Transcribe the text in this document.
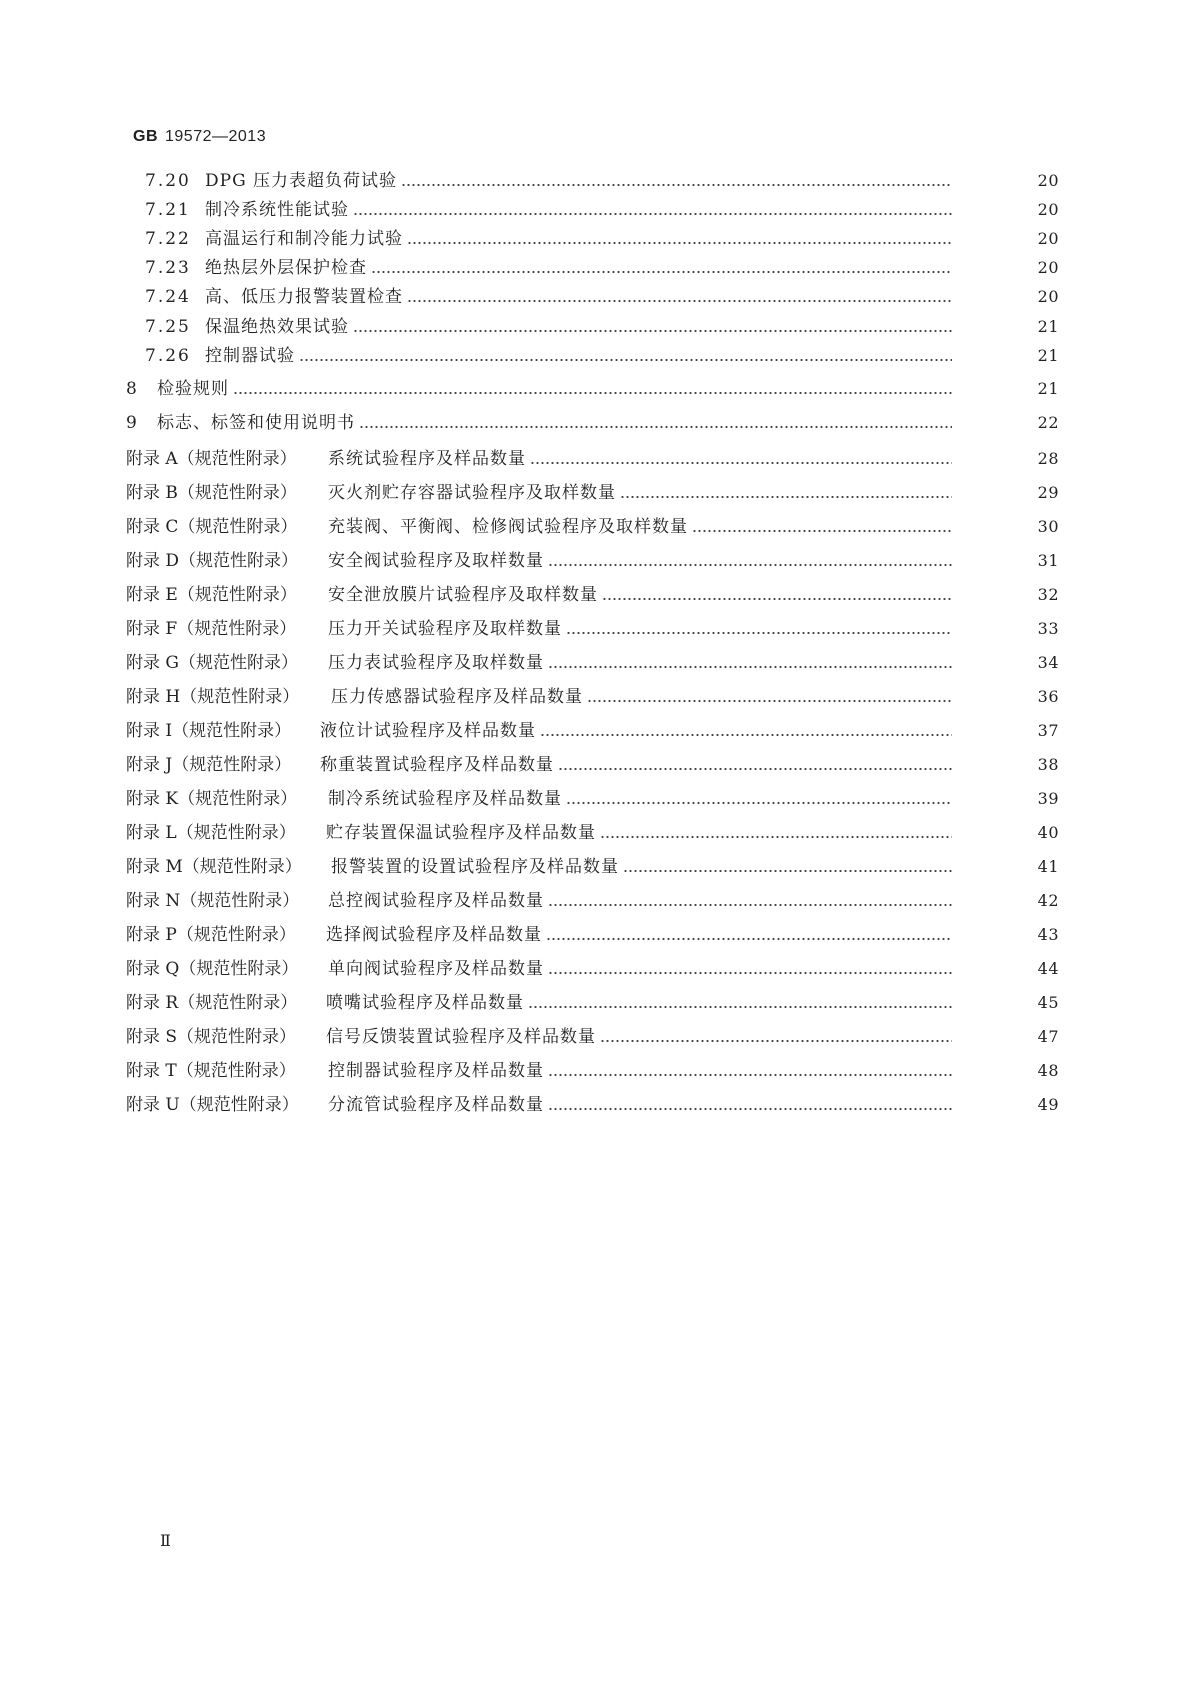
GB 19572—2013
7.20 DPG 压力表超负荷试验	20
7.21 制冷系统性能试验	20
7.22 高温运行和制冷能力试验	20
7.23 绝热层外层保护检查	20
7.24 高、低压力报警装置检查	20
7.25 保温绝热效果试验	21
7.26 控制器试验	21
8 检验规则	21
9 标志、标签和使用说明书	22
附录 A（规范性附录） 系统试验程序及样品数量	28
附录 B（规范性附录） 灭火剂贮存容器试验程序及取样数量	29
附录 C（规范性附录） 充装阀、平衡阀、检修阀试验程序及取样数量	30
附录 D（规范性附录） 安全阀试验程序及取样数量	31
附录 E（规范性附录） 安全泄放膜片试验程序及取样数量	32
附录 F（规范性附录） 压力开关试验程序及取样数量	33
附录 G（规范性附录） 压力表试验程序及取样数量	34
附录 H（规范性附录） 压力传感器试验程序及样品数量	36
附录 I（规范性附录） 液位计试验程序及样品数量	37
附录 J（规范性附录） 称重装置试验程序及样品数量	38
附录 K（规范性附录） 制冷系统试验程序及样品数量	39
附录 L（规范性附录） 贮存装置保温试验程序及样品数量	40
附录 M（规范性附录） 报警装置的设置试验程序及样品数量	41
附录 N（规范性附录） 总控阀试验程序及样品数量	42
附录 P（规范性附录） 选择阀试验程序及样品数量	43
附录 Q（规范性附录） 单向阀试验程序及样品数量	44
附录 R（规范性附录） 喷嘴试验程序及样品数量	45
附录 S（规范性附录） 信号反馈装置试验程序及样品数量	47
附录 T（规范性附录） 控制器试验程序及样品数量	48
附录 U（规范性附录） 分流管试验程序及样品数量	49
Ⅱ
